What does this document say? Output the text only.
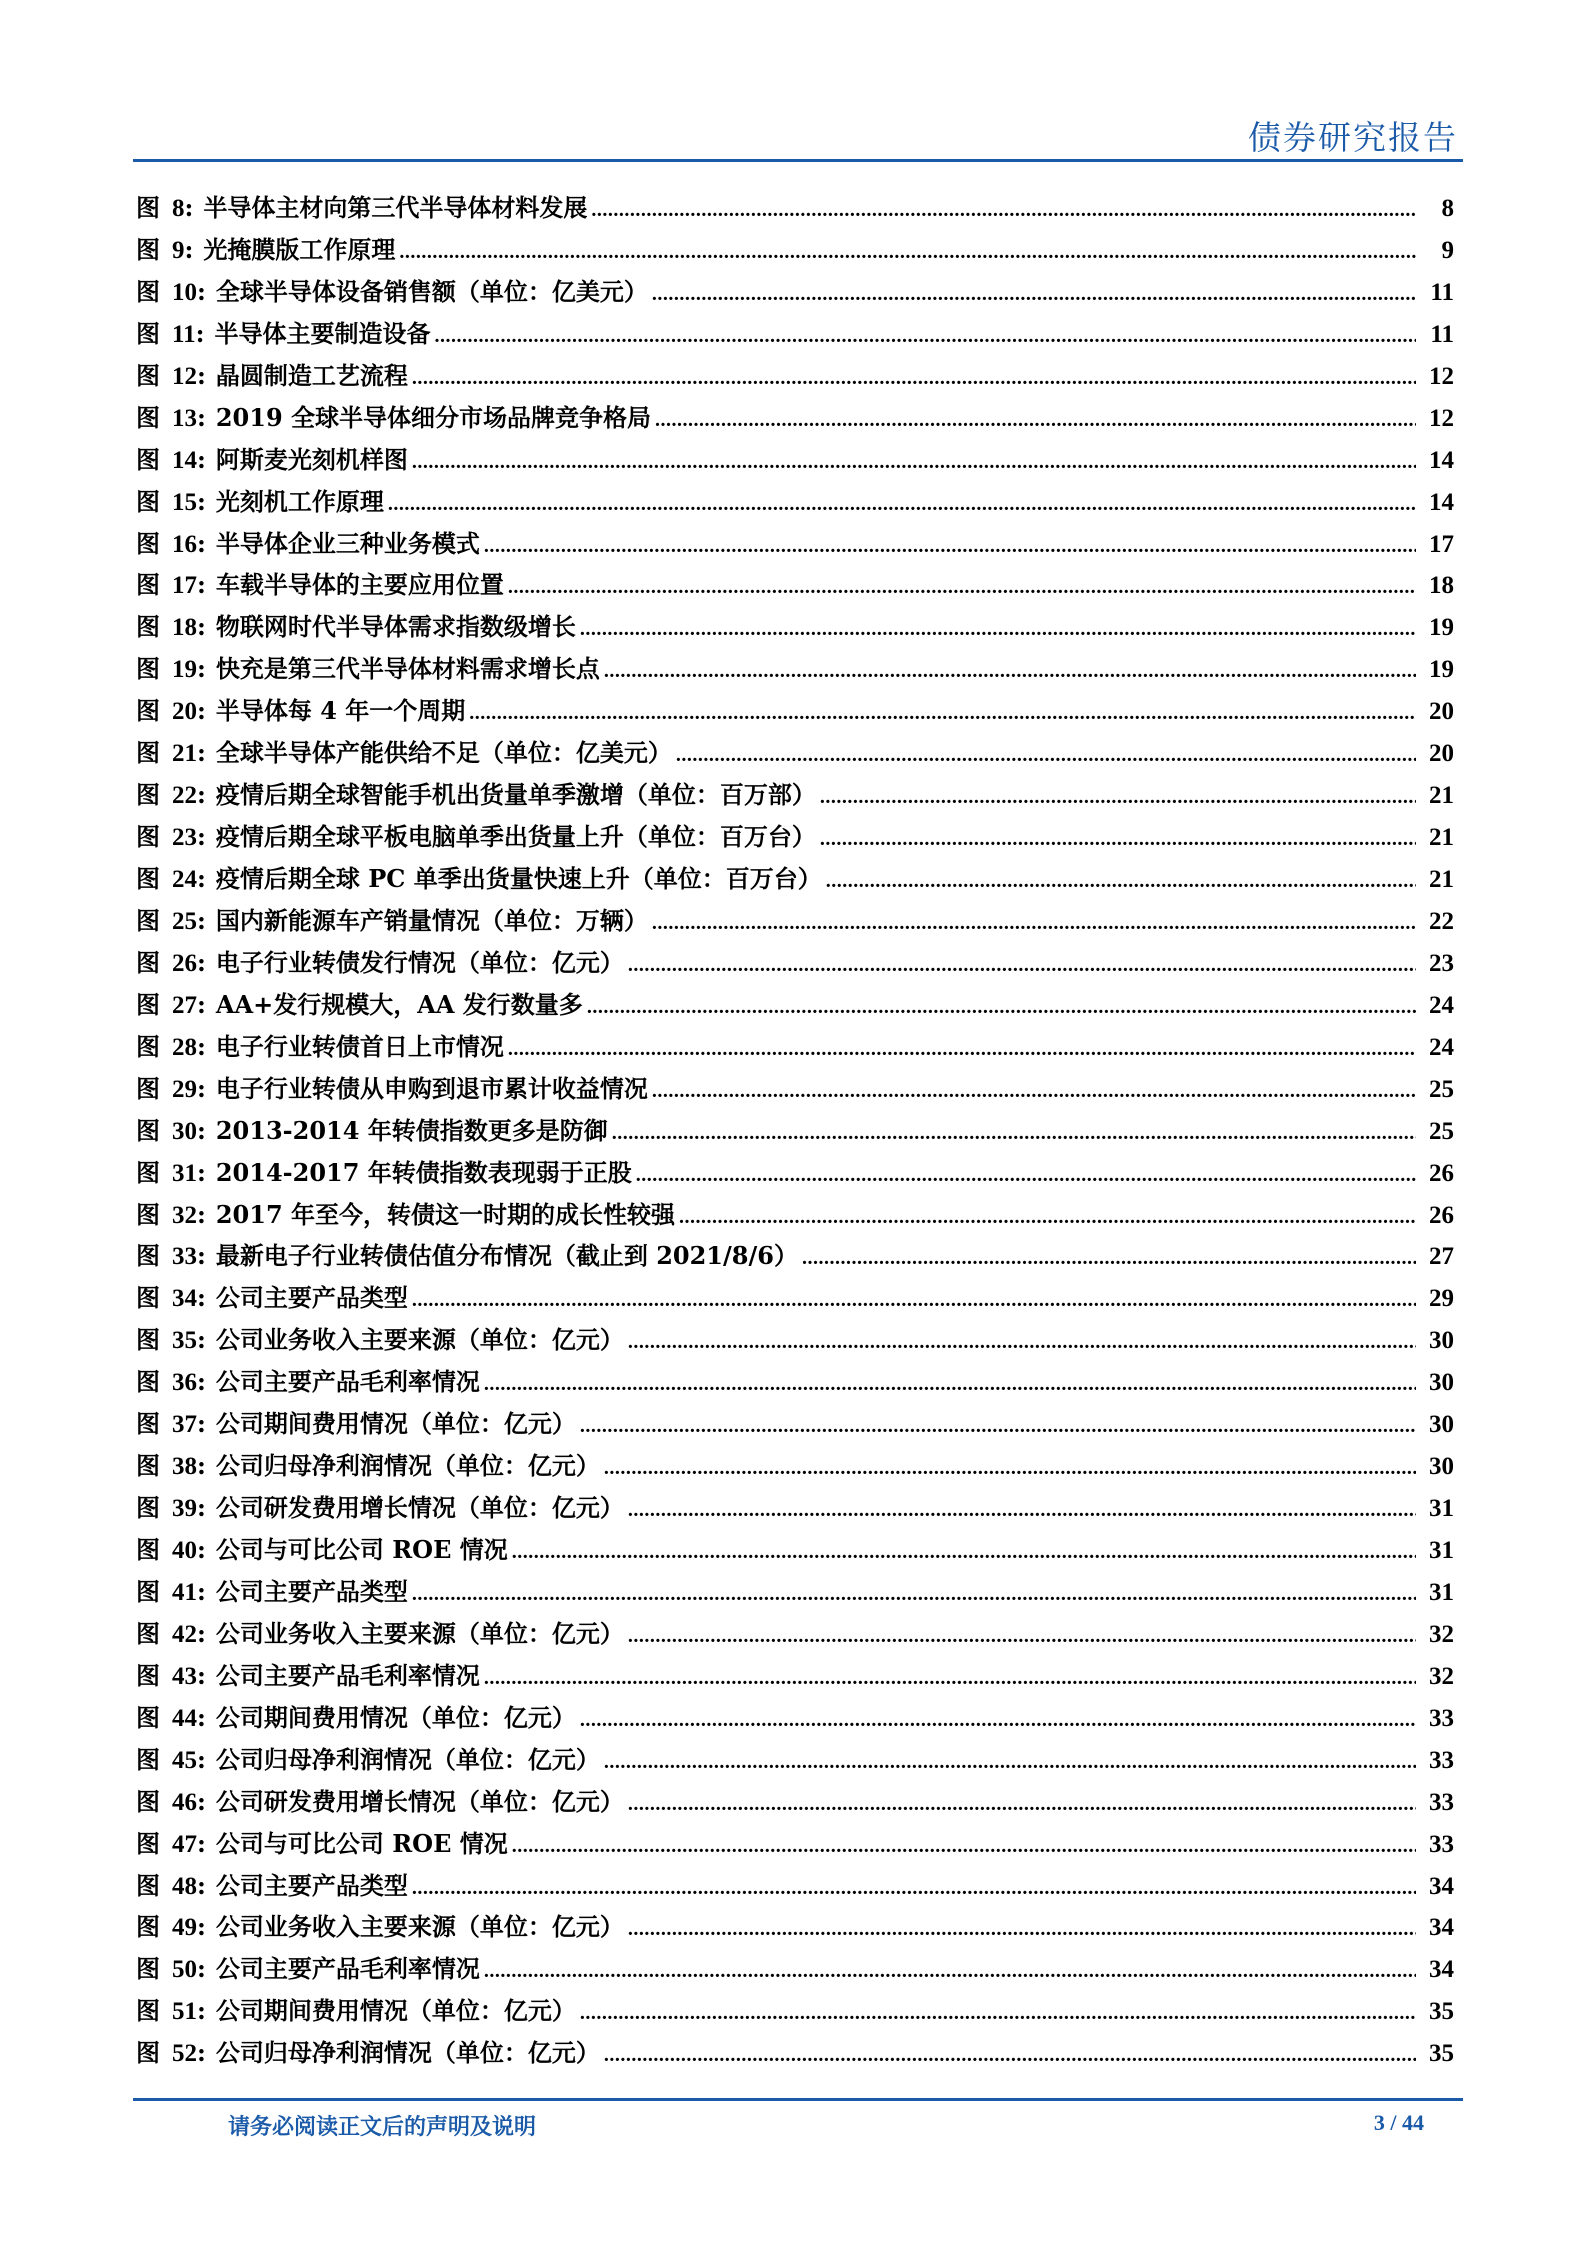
债券研究报告
图 8 : 半导体主材向第三代半导体材料发展 .....	8
图 9 : 光掩膜版工作原理 .....	9
图 10 : 全球半导体设备销售额（单位：亿美元） .....	11
图 11 : 半导体主要制造设备 .....	11
图 12 : 晶圆制造工艺流程 .....	12
图 13 : 2019 全球半导体细分市场品牌竞争格局 .....	12
图 14 : 阿斯麦光刻机样图 .....	14
图 15 : 光刻机工作原理 .....	14
图 16 : 半导体企业三种业务模式 .....	17
图 17 : 车载半导体的主要应用位置 .....	18
图 18 : 物联网时代半导体需求指数级增长 .....	19
图 19 : 快充是第三代半导体材料需求增长点 .....	19
图 20 : 半导体每 4 年一个周期 .....	20
图 21 : 全球半导体产能供给不足（单位：亿美元） .....	20
图 22 : 疫情后期全球智能手机出货量单季激增（单位：百万部） .....	21
图 23 : 疫情后期全球平板电脑单季出货量上升（单位：百万台） .....	21
图 24 : 疫情后期全球 PC 单季出货量快速上升（单位：百万台） .....	21
图 25 : 国内新能源车产销量情况（单位：万辆） .....	22
图 26 : 电子行业转债发行情况（单位：亿元） .....	23
图 27 : AA+发行规模大，AA 发行数量多 .....	24
图 28 : 电子行业转债首日上市情况 .....	24
图 29 : 电子行业转债从申购到退市累计收益情况 .....	25
图 30 : 2013-2014 年转债指数更多是防御 .....	25
图 31 : 2014-2017 年转债指数表现弱于正股 .....	26
图 32 : 2017 年至今，转债这一时期的成长性较强 .....	26
图 33 : 最新电子行业转债估值分布情况（截止到 2021/8/6） .....	27
图 34 : 公司主要产品类型 .....	29
图 35 : 公司业务收入主要来源（单位：亿元） .....	30
图 36 : 公司主要产品毛利率情况 .....	30
图 37 : 公司期间费用情况（单位：亿元） .....	30
图 38 : 公司归母净利润情况（单位：亿元） .....	30
图 39 : 公司研发费用增长情况（单位：亿元） .....	31
图 40 : 公司与可比公司 ROE 情况 .....	31
图 41 : 公司主要产品类型 .....	31
图 42 : 公司业务收入主要来源（单位：亿元） .....	32
图 43 : 公司主要产品毛利率情况 .....	32
图 44 : 公司期间费用情况（单位：亿元） .....	33
图 45 : 公司归母净利润情况（单位：亿元） .....	33
图 46 : 公司研发费用增长情况（单位：亿元） .....	33
图 47 : 公司与可比公司 ROE 情况 .....	33
图 48 : 公司主要产品类型 .....	34
图 49 : 公司业务收入主要来源（单位：亿元） .....	34
图 50 : 公司主要产品毛利率情况 .....	34
图 51 : 公司期间费用情况（单位：亿元） .....	35
图 52 : 公司归母净利润情况（单位：亿元） .....	35
请务必阅读正文后的声明及说明	3 / 44
